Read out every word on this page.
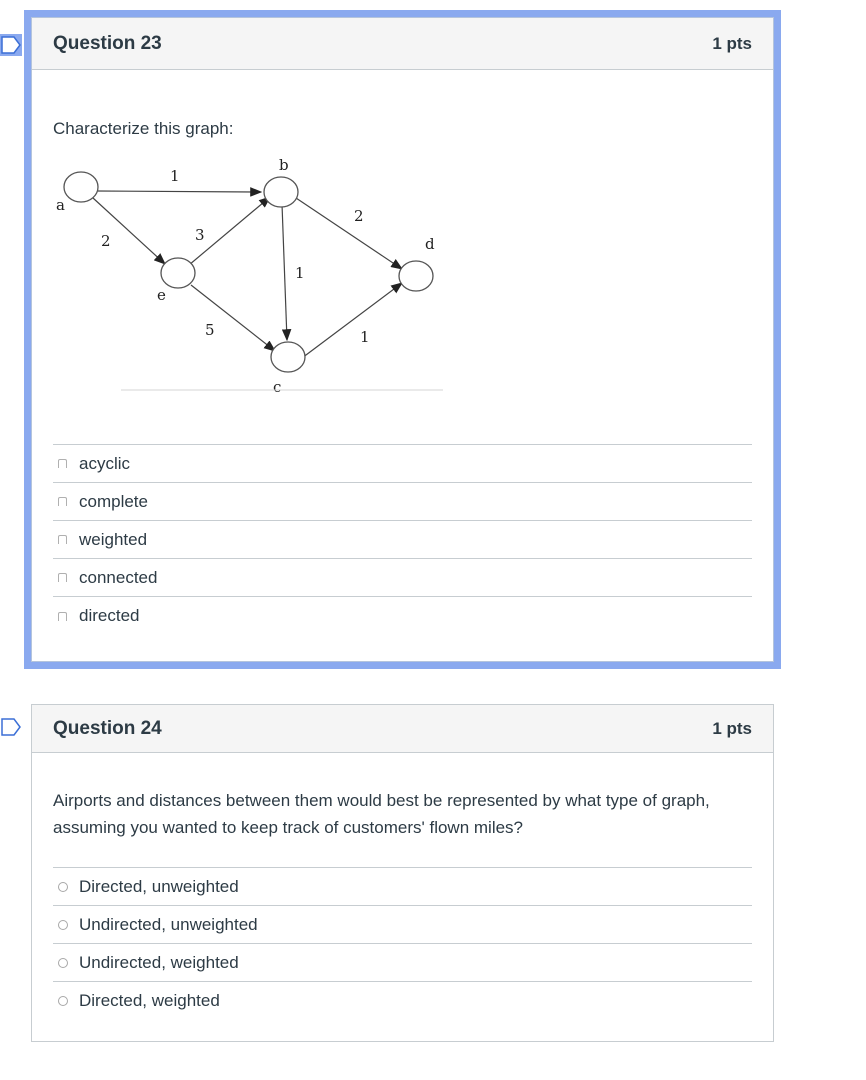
Question 23	1 pts
Characterize this graph:
a
b
c
d
e
1
2	3
5
1
2
1
acyclic
complete
weighted
connected
directed
Question 24	1 pts
Airports and distances between them would best be represented by what type of graph, assuming you wanted to keep track of customers' flown miles?
Directed, unweighted
Undirected, unweighted
Undirected, weighted
Directed, weighted
